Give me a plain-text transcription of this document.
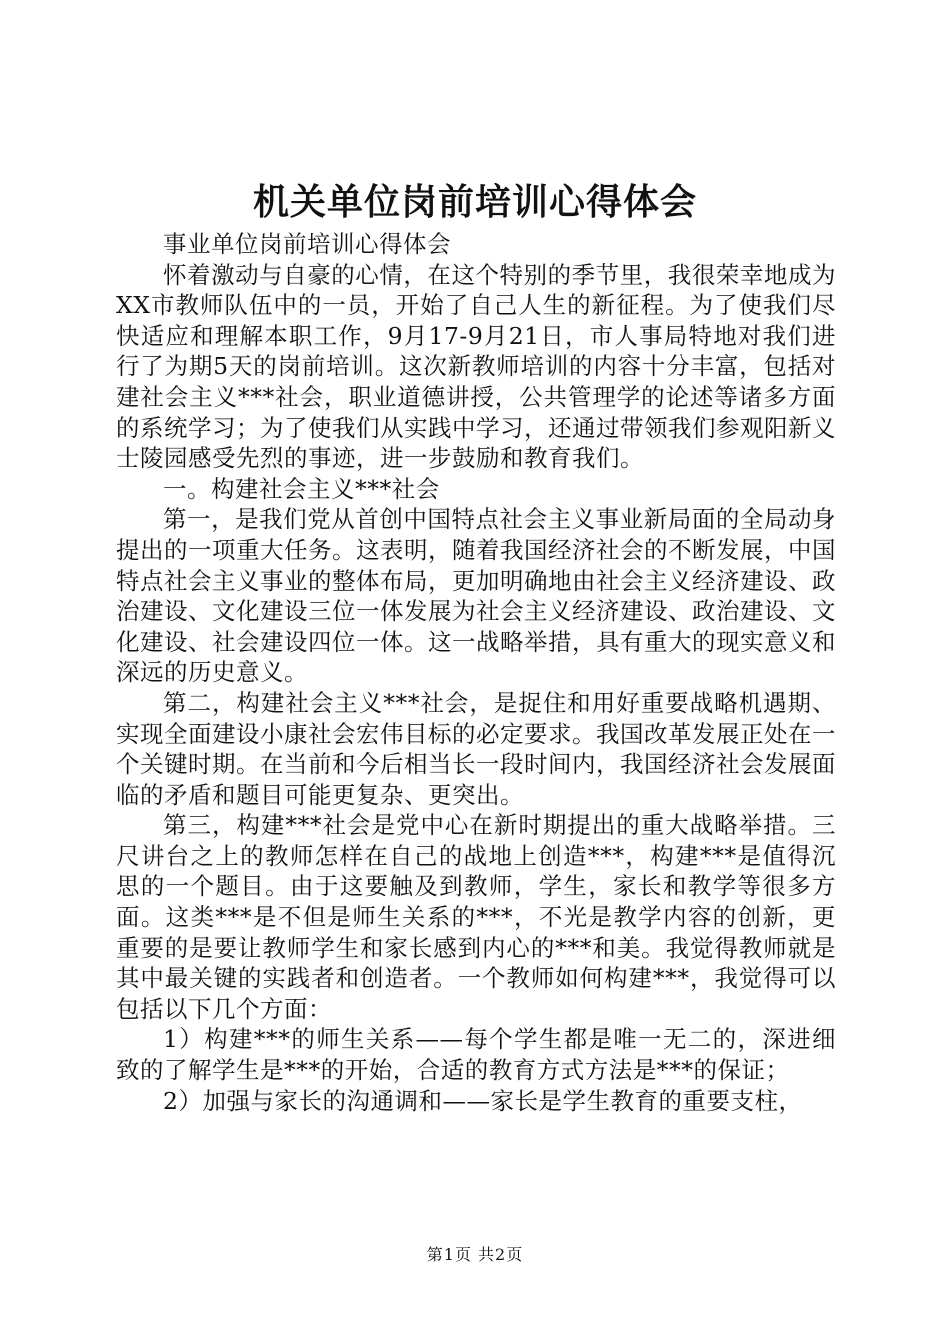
机关单位岗前培训心得体会

事业单位岗前培训心得体会

怀着激动与自豪的心情，在这个特别的季节里，我很荣幸地成为XX市教师队伍中的一员，开始了自己人生的新征程。为了使我们尽快适应和理解本职工作，9月17-9月21日，市人事局特地对我们进行了为期5天的岗前培训。这次新教师培训的内容十分丰富，包括对建社会主义***社会，职业道德讲授，公共管理学的论述等诸多方面的系统学习；为了使我们从实践中学习，还通过带领我们参观阳新义士陵园感受先烈的事迹，进一步鼓励和教育我们。

一。构建社会主义***社会

第一，是我们党从首创中国特点社会主义事业新局面的全局动身提出的一项重大任务。这表明，随着我国经济社会的不断发展，中国特点社会主义事业的整体布局，更加明确地由社会主义经济建设、政治建设、文化建设三位一体发展为社会主义经济建设、政治建设、文化建设、社会建设四位一体。这一战略举措，具有重大的现实意义和深远的历史意义。

第二，构建社会主义***社会，是捉住和用好重要战略机遇期、实现全面建设小康社会宏伟目标的必定要求。我国改革发展正处在一个关键时期。在当前和今后相当长一段时间内，我国经济社会发展面临的矛盾和题目可能更复杂、更突出。

第三，构建***社会是党中心在新时期提出的重大战略举措。三尺讲台之上的教师怎样在自己的战地上创造***，构建***是值得沉思的一个题目。由于这要触及到教师，学生，家长和教学等很多方面。这类***是不但是师生关系的***，不光是教学内容的创新，更重要的是要让教师学生和家长感到内心的***和美。我觉得教师就是其中最关键的实践者和创造者。一个教师如何构建***，我觉得可以包括以下几个方面：

1）构建***的师生关系——每个学生都是唯一无二的，深进细致的了解学生是***的开始，合适的教育方式方法是***的保证；

2）加强与家长的沟通调和——家长是学生教育的重要支柱，

第1页 共2页
